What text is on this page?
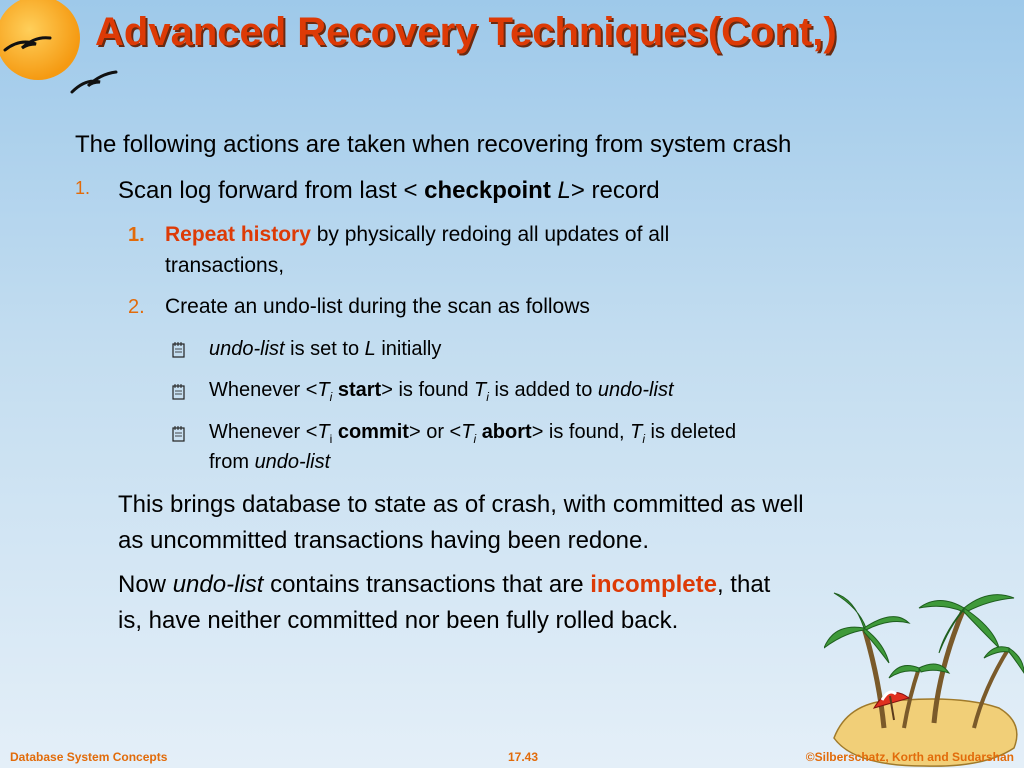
Advanced Recovery Techniques(Cont,)

The following actions are taken when recovering from system crash

1. Scan log forward from last < checkpoint L> record

1. Repeat history by physically redoing all updates of all

transactions,

2. Create an undo-list during the scan as follows

undo-list is set to L initially

Whenever $<T_i$ start> is found $T_i$ is added to undo-list

Whenever $<T_i$ commit> or $<T_i$ abort> is found, $T_i$ is deleted

from undo-list

This brings database to state as of crash, with committed as well

as uncommitted transactions having been redone.

Now undo-list contains transactions that are incomplete, that

is, have neither committed nor been fully rolled back.

Database System Concepts	17.43	©Silberschatz, Korth and Sudarshan
